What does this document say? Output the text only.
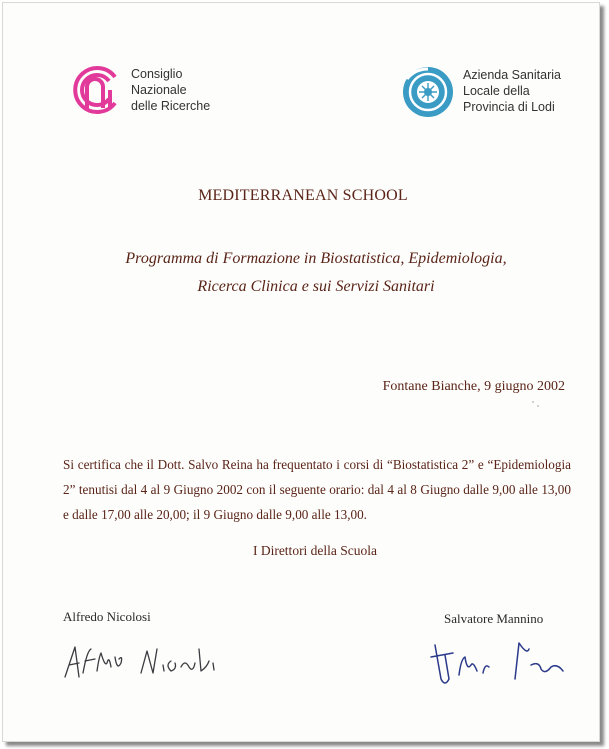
Consiglio
Nazionale
delle Ricerche
Azienda Sanitaria
Locale della
Provincia di Lodi
MEDITERRANEAN SCHOOL
Programma di Formazione in Biostatistica, Epidemiologia,
Ricerca Clinica e sui Servizi Sanitari
Fontane Bianche, 9 giugno 2002
Si certifica che il Dott. Salvo Reina ha frequentato i corsi di “Biostatistica 2” e “Epidemiologia 2” tenutisi dal 4 al 9 Giugno 2002 con il seguente orario: dal 4 al 8 Giugno dalle 9,00 alle 13,00 e dalle 17,00 alle 20,00; il 9 Giugno dalle 9,00 alle 13,00.
I Direttori della Scuola
Alfredo Nicolosi	Salvatore Mannino
